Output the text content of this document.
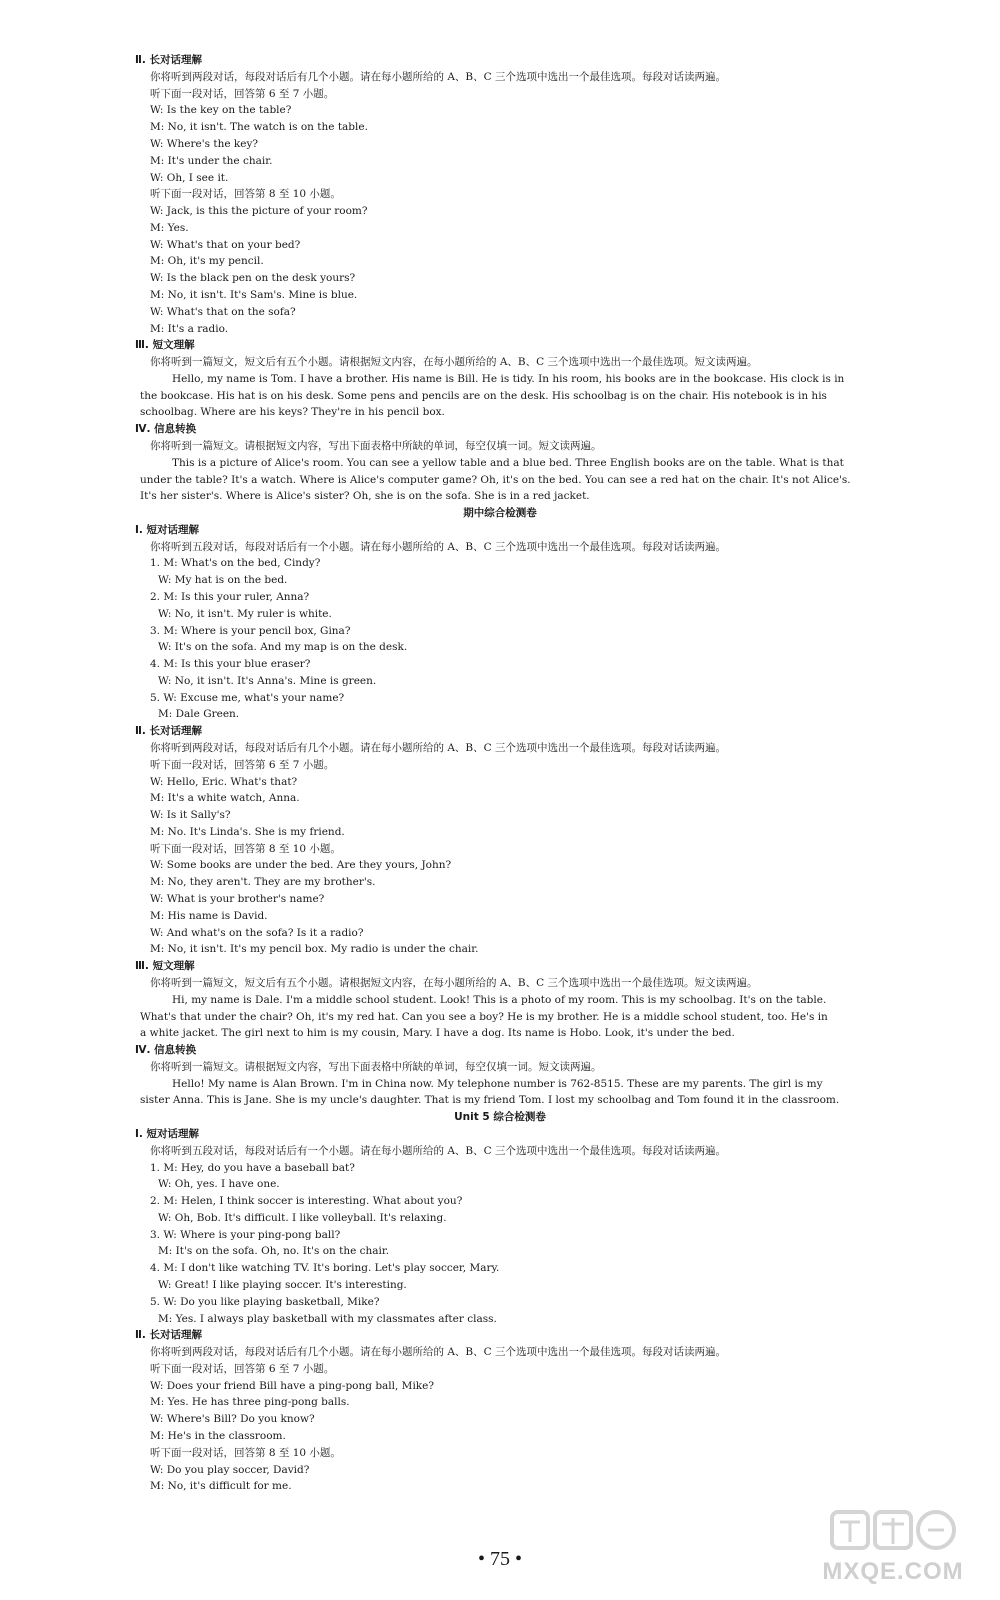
Ⅱ. 长对话理解
你将听到两段对话，每段对话后有几个小题。请在每小题所给的 A、B、C 三个选项中选出一个最佳选项。每段对话读两遍。
听下面一段对话，回答第 6 至 7 小题。
W: Is the key on the table?
M: No, it isn't. The watch is on the table.
W: Where's the key?
M: It's under the chair.
W: Oh, I see it.
听下面一段对话，回答第 8 至 10 小题。
W: Jack, is this the picture of your room?
M: Yes.
W: What's that on your bed?
M: Oh, it's my pencil.
W: Is the black pen on the desk yours?
M: No, it isn't. It's Sam's. Mine is blue.
W: What's that on the sofa?
M: It's a radio.
Ⅲ. 短文理解
你将听到一篇短文，短文后有五个小题。请根据短文内容，在每小题所给的 A、B、C 三个选项中选出一个最佳选项。短文读两遍。
Hello, my name is Tom. I have a brother. His name is Bill. He is tidy. In his room, his books are in the bookcase. His clock is in
the bookcase. His hat is on his desk. Some pens and pencils are on the desk. His schoolbag is on the chair. His notebook is in his
schoolbag. Where are his keys? They're in his pencil box.
Ⅳ. 信息转换
你将听到一篇短文。请根据短文内容，写出下面表格中所缺的单词，每空仅填一词。短文读两遍。
This is a picture of Alice's room. You can see a yellow table and a blue bed. Three English books are on the table. What is that
under the table? It's a watch. Where is Alice's computer game? Oh, it's on the bed. You can see a red hat on the chair. It's not Alice's.
It's her sister's. Where is Alice's sister? Oh, she is on the sofa. She is in a red jacket.
期中综合检测卷
Ⅰ. 短对话理解
你将听到五段对话，每段对话后有一个小题。请在每小题所给的 A、B、C 三个选项中选出一个最佳选项。每段对话读两遍。
1. M: What's on the bed, Cindy?
W: My hat is on the bed.
2. M: Is this your ruler, Anna?
W: No, it isn't. My ruler is white.
3. M: Where is your pencil box, Gina?
W: It's on the sofa. And my map is on the desk.
4. M: Is this your blue eraser?
W: No, it isn't. It's Anna's. Mine is green.
5. W: Excuse me, what's your name?
M: Dale Green.
Ⅱ. 长对话理解
你将听到两段对话，每段对话后有几个小题。请在每小题所给的 A、B、C 三个选项中选出一个最佳选项。每段对话读两遍。
听下面一段对话，回答第 6 至 7 小题。
W: Hello, Eric. What's that?
M: It's a white watch, Anna.
W: Is it Sally's?
M: No. It's Linda's. She is my friend.
听下面一段对话，回答第 8 至 10 小题。
W: Some books are under the bed. Are they yours, John?
M: No, they aren't. They are my brother's.
W: What is your brother's name?
M: His name is David.
W: And what's on the sofa? Is it a radio?
M: No, it isn't. It's my pencil box. My radio is under the chair.
Ⅲ. 短文理解
你将听到一篇短文，短文后有五个小题。请根据短文内容，在每小题所给的 A、B、C 三个选项中选出一个最佳选项。短文读两遍。
Hi, my name is Dale. I'm a middle school student. Look! This is a photo of my room. This is my schoolbag. It's on the table.
What's that under the chair? Oh, it's my red hat. Can you see a boy? He is my brother. He is a middle school student, too. He's in
a white jacket. The girl next to him is my cousin, Mary. I have a dog. Its name is Hobo. Look, it's under the bed.
Ⅳ. 信息转换
你将听到一篇短文。请根据短文内容，写出下面表格中所缺的单词，每空仅填一词。短文读两遍。
Hello! My name is Alan Brown. I'm in China now. My telephone number is 762-8515. These are my parents. The girl is my
sister Anna. This is Jane. She is my uncle's daughter. That is my friend Tom. I lost my schoolbag and Tom found it in the classroom.
Unit 5 综合检测卷
Ⅰ. 短对话理解
你将听到五段对话，每段对话后有一个小题。请在每小题所给的 A、B、C 三个选项中选出一个最佳选项。每段对话读两遍。
1. M: Hey, do you have a baseball bat?
W: Oh, yes. I have one.
2. M: Helen, I think soccer is interesting. What about you?
W: Oh, Bob. It's difficult. I like volleyball. It's relaxing.
3. W: Where is your ping-pong ball?
M: It's on the sofa. Oh, no. It's on the chair.
4. M: I don't like watching TV. It's boring. Let's play soccer, Mary.
W: Great! I like playing soccer. It's interesting.
5. W: Do you like playing basketball, Mike?
M: Yes. I always play basketball with my classmates after class.
Ⅱ. 长对话理解
你将听到两段对话，每段对话后有几个小题。请在每小题所给的 A、B、C 三个选项中选出一个最佳选项。每段对话读两遍。
听下面一段对话，回答第 6 至 7 小题。
W: Does your friend Bill have a ping-pong ball, Mike?
M: Yes. He has three ping-pong balls.
W: Where's Bill? Do you know?
M: He's in the classroom.
听下面一段对话，回答第 8 至 10 小题。
W: Do you play soccer, David?
M: No, it's difficult for me.
• 75 •	MXQE.COM
